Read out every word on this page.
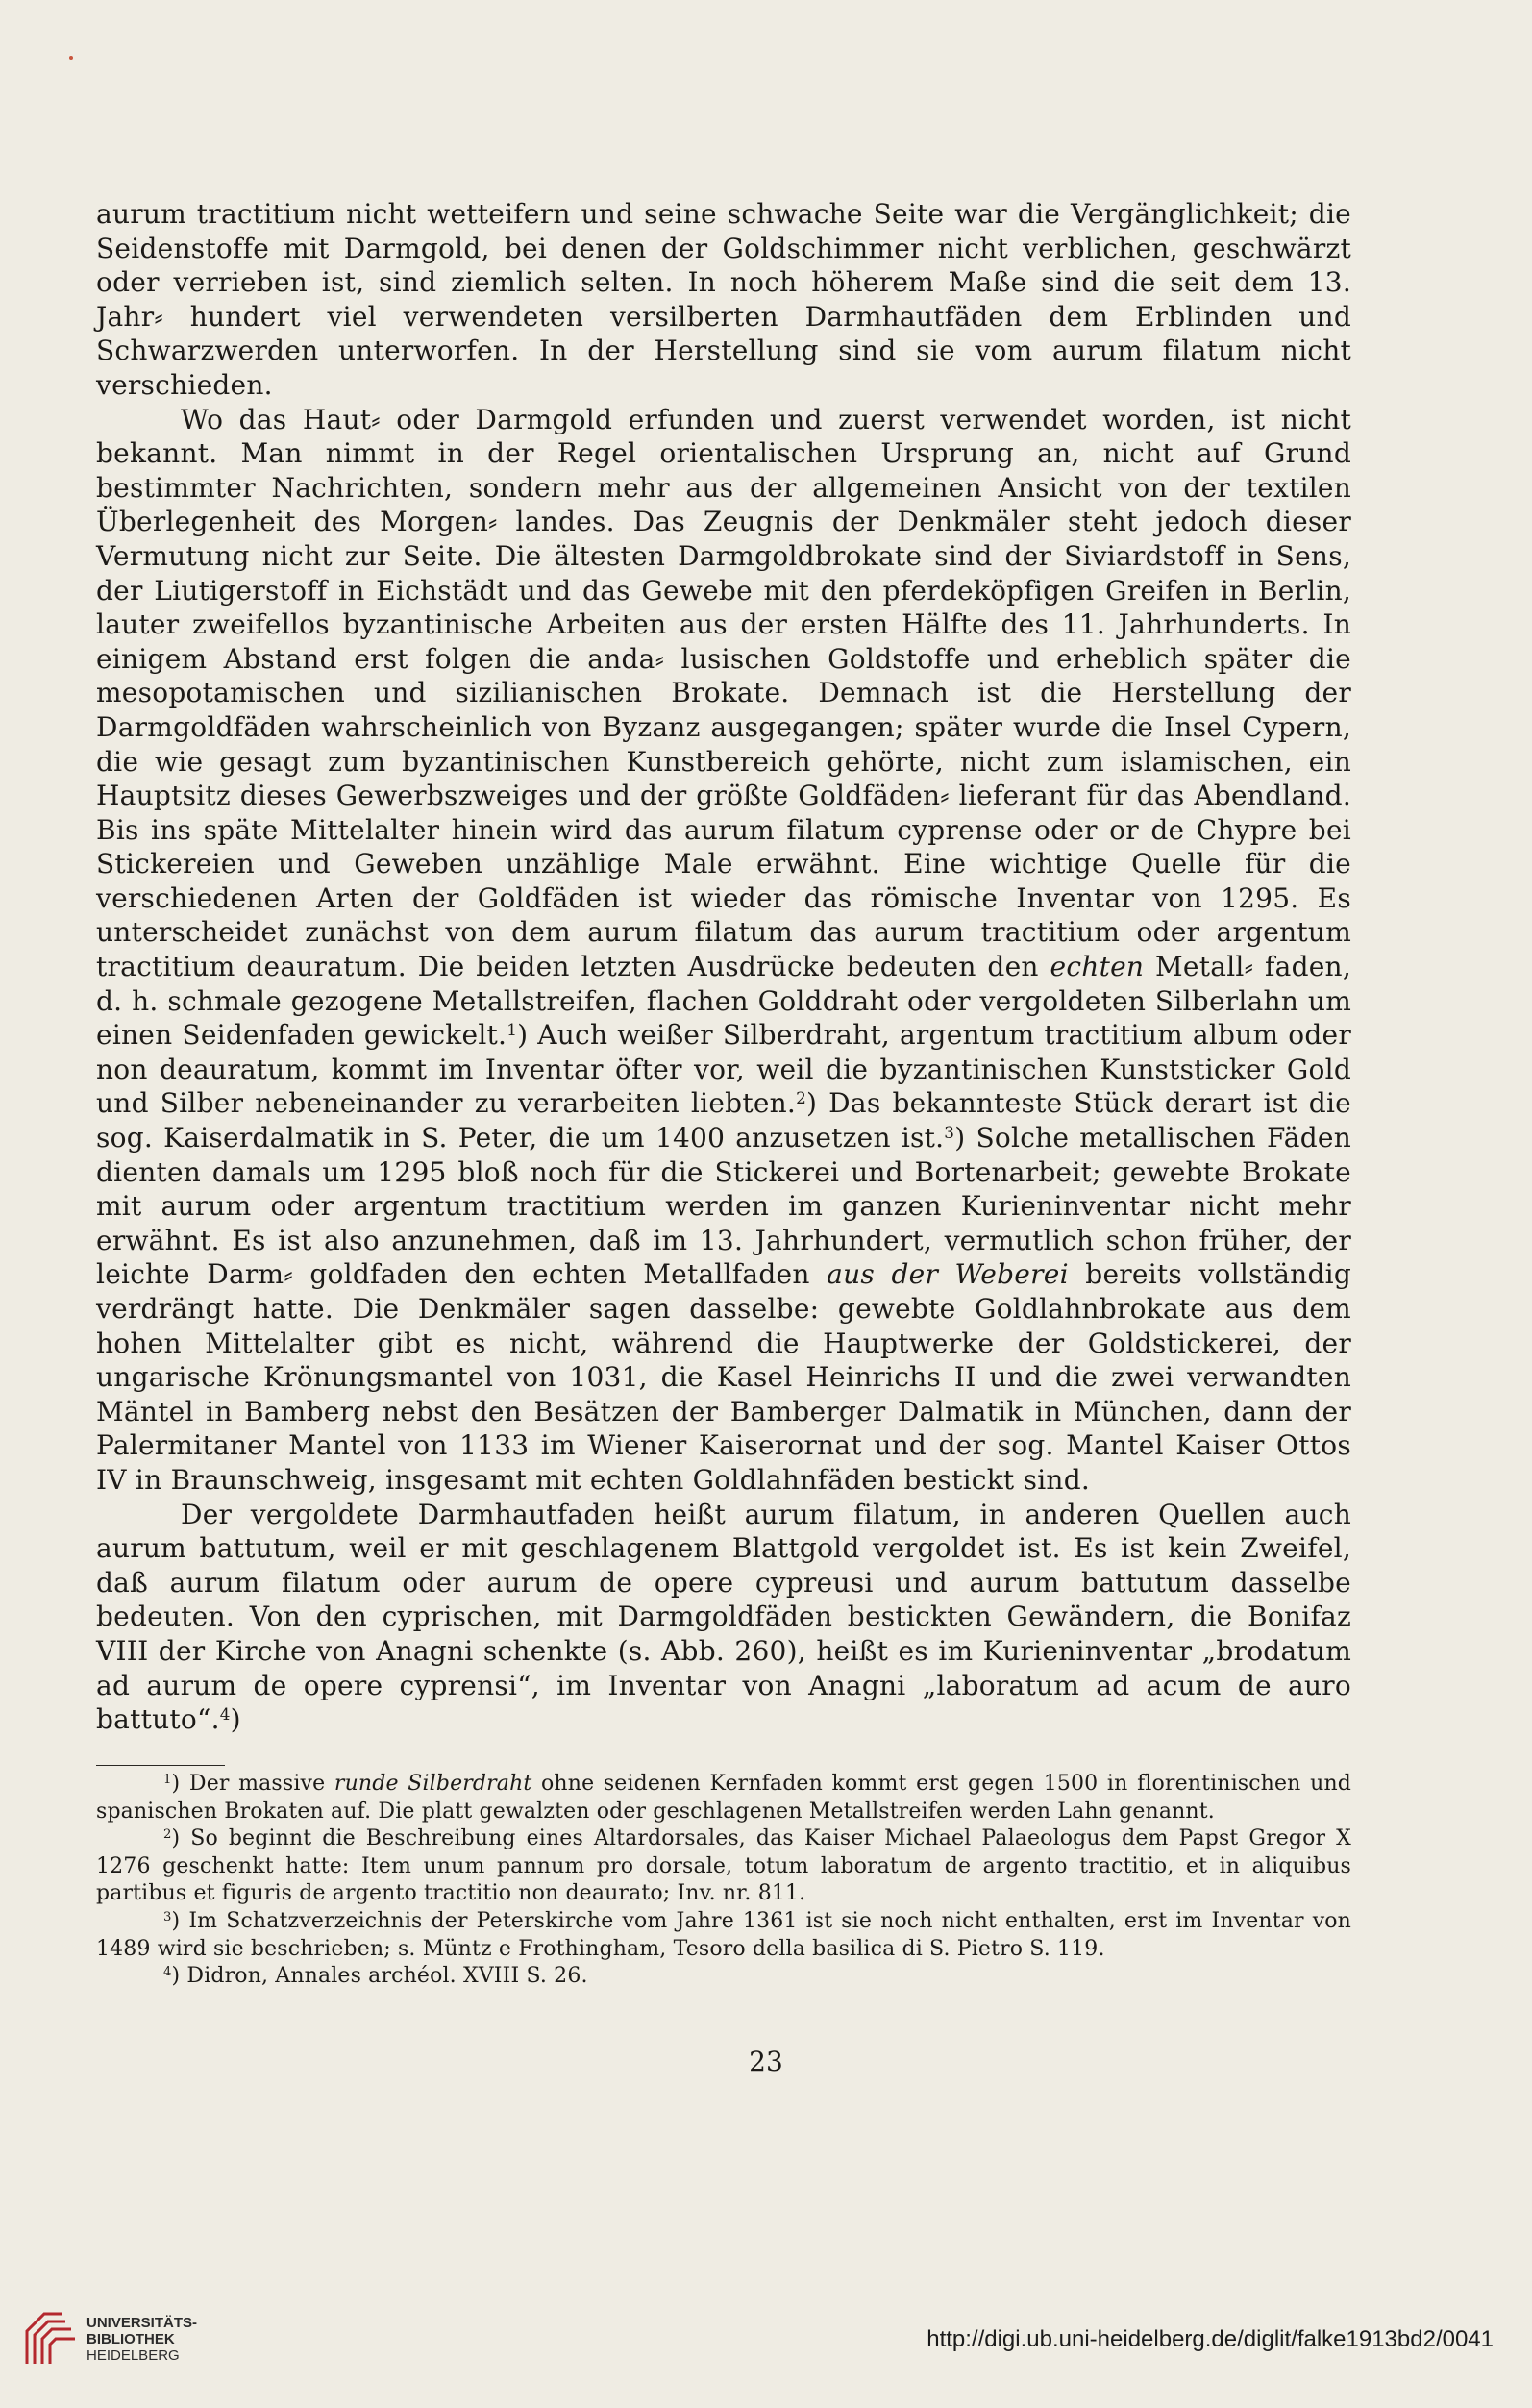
aurum tractitium nicht wetteifern und seine schwache Seite war die Vergänglichkeit; die Seidenstoffe mit Darmgold, bei denen der Goldschimmer nicht verblichen, geschwärzt oder verrieben ist, sind ziemlich selten. In noch höherem Maße sind die seit dem 13. Jahr⸗ hundert viel verwendeten versilberten Darmhautfäden dem Erblinden und Schwarzwerden unterworfen. In der Herstellung sind sie vom aurum filatum nicht verschieden.

Wo das Haut⸗ oder Darmgold erfunden und zuerst verwendet worden, ist nicht bekannt. Man nimmt in der Regel orientalischen Ursprung an, nicht auf Grund bestimmter Nachrichten, sondern mehr aus der allgemeinen Ansicht von der textilen Überlegenheit des Morgen⸗ landes. Das Zeugnis der Denkmäler steht jedoch dieser Vermutung nicht zur Seite. Die ältesten Darmgoldbrokate sind der Siviardstoff in Sens, der Liutigerstoff in Eichstädt und das Gewebe mit den pferdeköpfigen Greifen in Berlin, lauter zweifellos byzantinische Arbeiten aus der ersten Hälfte des 11. Jahrhunderts. In einigem Abstand erst folgen die anda⸗ lusischen Goldstoffe und erheblich später die mesopotamischen und sizilianischen Brokate. Demnach ist die Herstellung der Darmgoldfäden wahrscheinlich von Byzanz ausgegangen; später wurde die Insel Cypern, die wie gesagt zum byzantinischen Kunstbereich gehörte, nicht zum islamischen, ein Hauptsitz dieses Gewerbszweiges und der größte Goldfäden⸗ lieferant für das Abendland. Bis ins späte Mittelalter hinein wird das aurum filatum cyprense oder or de Chypre bei Stickereien und Geweben unzählige Male erwähnt. Eine wichtige Quelle für die verschiedenen Arten der Goldfäden ist wieder das römische Inventar von 1295. Es unterscheidet zunächst von dem aurum filatum das aurum tractitium oder argentum tractitium deauratum. Die beiden letzten Ausdrücke bedeuten den echten Metall⸗ faden, d. h. schmale gezogene Metallstreifen, flachen Golddraht oder vergoldeten Silberlahn um einen Seidenfaden gewickelt.$^1$) Auch weißer Silberdraht, argentum tractitium album oder non deauratum, kommt im Inventar öfter vor, weil die byzantinischen Kunststicker Gold und Silber nebeneinander zu verarbeiten liebten.$^2$) Das bekannteste Stück derart ist die sog. Kaiserdalmatik in S. Peter, die um 1400 anzusetzen ist.$^3$) Solche metallischen Fäden dienten damals um 1295 bloß noch für die Stickerei und Bortenarbeit; gewebte Brokate mit aurum oder argentum tractitium werden im ganzen Kurieninventar nicht mehr erwähnt. Es ist also anzunehmen, daß im 13. Jahrhundert, vermutlich schon früher, der leichte Darm⸗ goldfaden den echten Metallfaden aus der Weberei bereits vollständig verdrängt hatte. Die Denkmäler sagen dasselbe: gewebte Goldlahnbrokate aus dem hohen Mittelalter gibt es nicht, während die Hauptwerke der Goldstickerei, der ungarische Krönungsmantel von 1031, die Kasel Heinrichs II und die zwei verwandten Mäntel in Bamberg nebst den Besätzen der Bamberger Dalmatik in München, dann der Palermitaner Mantel von 1133 im Wiener Kaiserornat und der sog. Mantel Kaiser Ottos IV in Braunschweig, insgesamt mit echten Goldlahnfäden bestickt sind.

Der vergoldete Darmhautfaden heißt aurum filatum, in anderen Quellen auch aurum battutum, weil er mit geschlagenem Blattgold vergoldet ist. Es ist kein Zweifel, daß aurum filatum oder aurum de opere cypreusi und aurum battutum dasselbe bedeuten. Von den cyprischen, mit Darmgoldfäden bestickten Gewändern, die Bonifaz VIII der Kirche von Anagni schenkte (s. Abb. 260), heißt es im Kurieninventar „brodatum ad aurum de opere cyprensi“, im Inventar von Anagni „laboratum ad acum de auro battuto“.$^4$)

$^1$) Der massive runde Silberdraht ohne seidenen Kernfaden kommt erst gegen 1500 in florentinischen und spanischen Brokaten auf. Die platt gewalzten oder geschlagenen Metallstreifen werden Lahn genannt.

$^2$) So beginnt die Beschreibung eines Altardorsales, das Kaiser Michael Palaeologus dem Papst Gregor X 1276 geschenkt hatte: Item unum pannum pro dorsale, totum laboratum de argento tractitio, et in aliquibus partibus et figuris de argento tractitio non deaurato; Inv. nr. 811.

$^3$) Im Schatzverzeichnis der Peterskirche vom Jahre 1361 ist sie noch nicht enthalten, erst im Inventar von 1489 wird sie beschrieben; s. Müntz e Frothingham, Tesoro della basilica di S. Pietro S. 119.

$^4$) Didron, Annales archéol. XVIII S. 26.

23
UNIVERSITÄTS-
BIBLIOTHEK
HEIDELBERG
http://digi.ub.uni-heidelberg.de/diglit/falke1913bd2/0041
